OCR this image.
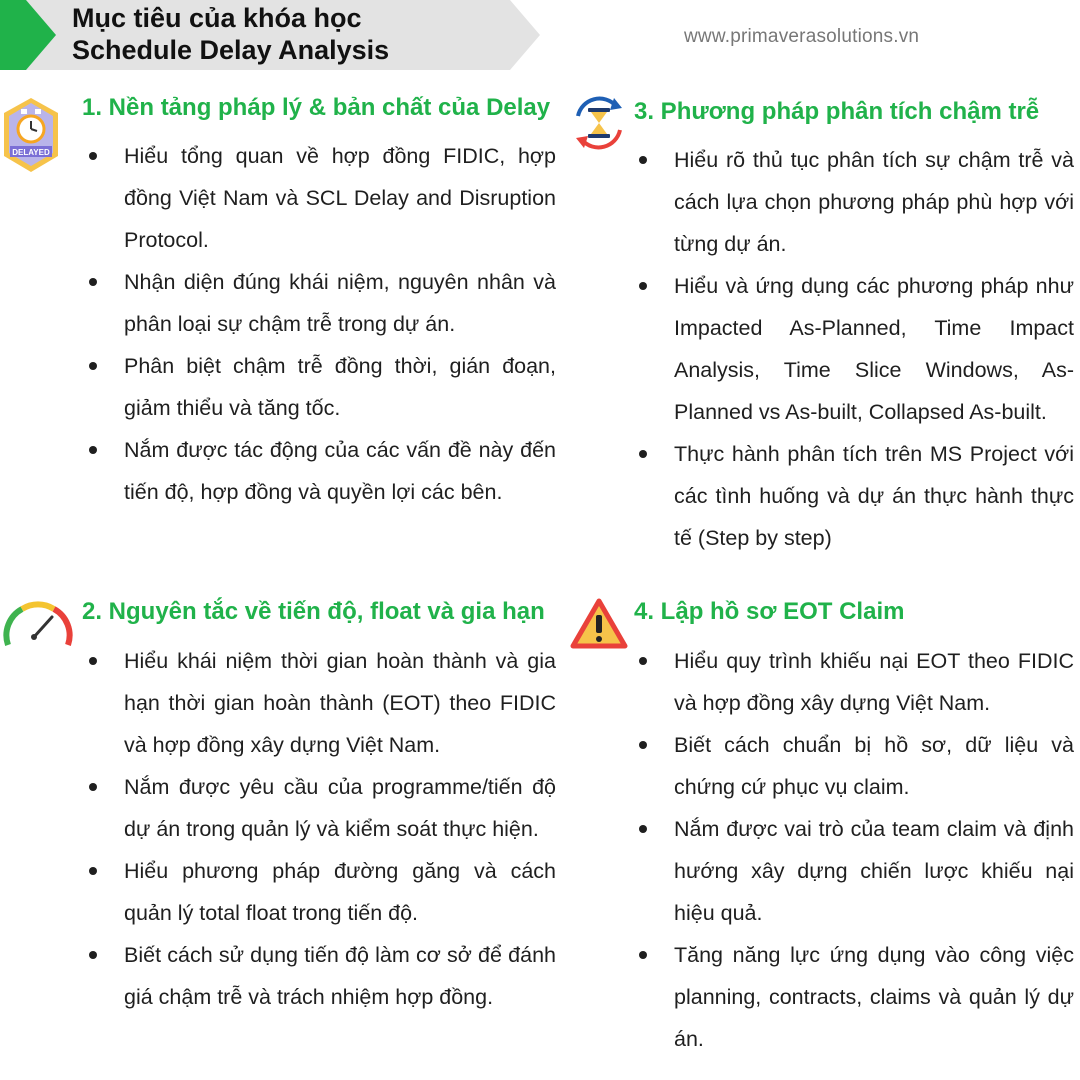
Mục tiêu của khóa học
Schedule Delay Analysis	www.primaverasolutions.vn
DELAYED
1. Nền tảng pháp lý & bản chất của Delay
Hiểu tổng quan về hợp đồng FIDIC, hợp đồng Việt Nam và SCL Delay and Disruption Protocol.
Nhận diện đúng khái niệm, nguyên nhân và phân loại sự chậm trễ trong dự án.
Phân biệt chậm trễ đồng thời, gián đoạn, giảm thiểu và tăng tốc.
Nắm được tác động của các vấn đề này đến tiến độ, hợp đồng và quyền lợi các bên.
2. Nguyên tắc về tiến độ, float và gia hạn
Hiểu khái niệm thời gian hoàn thành và gia hạn thời gian hoàn thành (EOT) theo FIDIC và hợp đồng xây dựng Việt Nam.
Nắm được yêu cầu của programme/tiến độ dự án trong quản lý và kiểm soát thực hiện.
Hiểu phương pháp đường găng và cách quản lý total float trong tiến độ.
Biết cách sử dụng tiến độ làm cơ sở để đánh giá chậm trễ và trách nhiệm hợp đồng.
3. Phương pháp phân tích chậm trễ
Hiểu rõ thủ tục phân tích sự chậm trễ và cách lựa chọn phương pháp phù hợp với từng dự án.
Hiểu và ứng dụng các phương pháp như Impacted As-Planned, Time Impact Analysis, Time Slice Windows, As-Planned vs As-built, Collapsed As-built.
Thực hành phân tích trên MS Project với các tình huống và dự án thực hành thực tế (Step by step)
4. Lập hồ sơ EOT Claim
Hiểu quy trình khiếu nại EOT theo FIDIC và hợp đồng xây dựng Việt Nam.
Biết cách chuẩn bị hồ sơ, dữ liệu và chứng cứ phục vụ claim.
Nắm được vai trò của team claim và định hướng xây dựng chiến lược khiếu nại hiệu quả.
Tăng năng lực ứng dụng vào công việc planning, contracts, claims và quản lý dự án.
